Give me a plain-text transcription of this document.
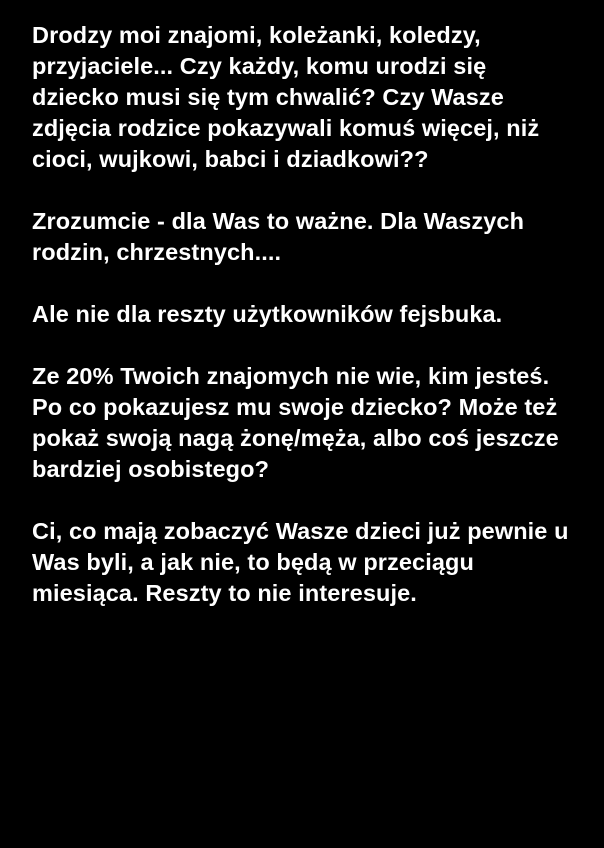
Drodzy moi znajomi, koleżanki, koledzy, przyjaciele... Czy każdy, komu urodzi się dziecko musi się tym chwalić? Czy Wasze zdjęcia rodzice pokazywali komuś więcej, niż cioci, wujkowi, babci i dziadkowi??

Zrozumcie - dla Was to ważne. Dla Waszych rodzin, chrzestnych....

Ale nie dla reszty użytkowników fejsbuka.

Ze 20% Twoich znajomych nie wie, kim jesteś. Po co pokazujesz mu swoje dziecko? Może też pokaż swoją nagą żonę/męża, albo coś jeszcze bardziej osobistego?

Ci, co mają zobaczyć Wasze dzieci już pewnie u Was byli, a jak nie, to będą w przeciągu miesiąca. Reszty to nie interesuje.
